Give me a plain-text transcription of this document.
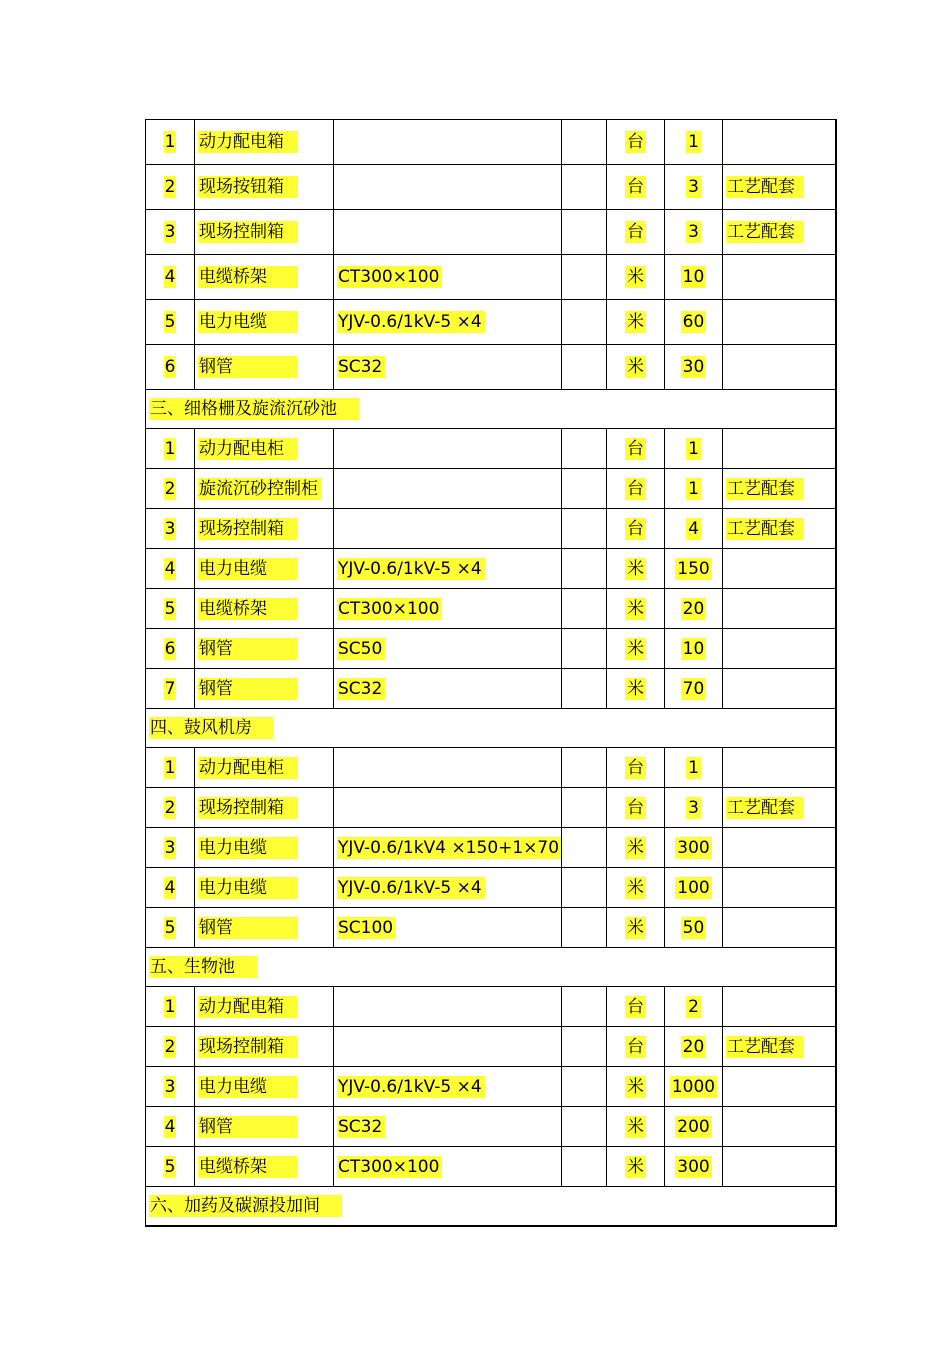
1	动力配电箱			台	1	
2	现场按钮箱			台	3	工艺配套
3	现场控制箱			台	3	工艺配套
4	电缆桥架	CT300×100		米	10	
5	电力电缆	YJV-0.6/1kV-5 ×4		米	60	
6	钢管	SC32		米	30	
三、细格栅及旋流沉砂池						
1	动力配电柜			台	1	
2	旋流沉砂控制柜			台	1	工艺配套
3	现场控制箱			台	4	工艺配套
4	电力电缆	YJV-0.6/1kV-5 ×4		米	150	
5	电缆桥架	CT300×100		米	20	
6	钢管	SC50		米	10	
7	钢管	SC32		米	70	
四、鼓风机房						
1	动力配电柜			台	1	
2	现场控制箱			台	3	工艺配套
3	电力电缆	YJV-0.6/1kV4 ×150+1×70		米	300	
4	电力电缆	YJV-0.6/1kV-5 ×4		米	100	
5	钢管	SC100		米	50	
五、生物池						
1	动力配电箱			台	2	
2	现场控制箱			台	20	工艺配套
3	电力电缆	YJV-0.6/1kV-5 ×4		米	1000	
4	钢管	SC32		米	200	
5	电缆桥架	CT300×100		米	300	
六、加药及碳源投加间						
